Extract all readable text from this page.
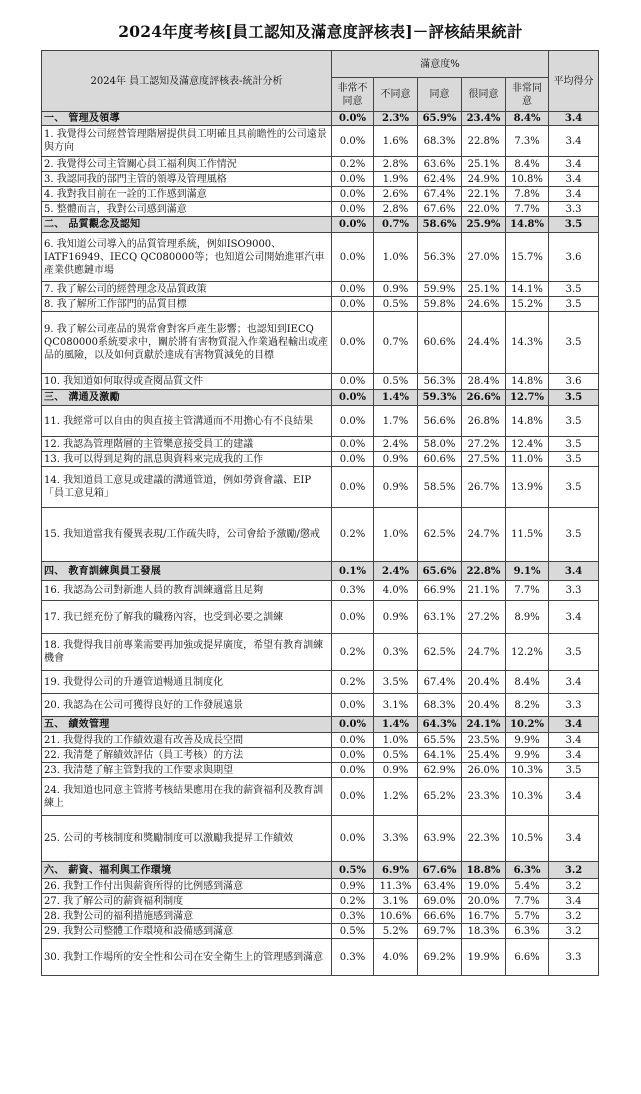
2024年度考核[員工認知及滿意度評核表]－評核結果統計
2024年 員工認知及滿意度評核表-統計分析	滿意度%					平均得分
	非常不同意	不同意	同意	很同意	非常同意	
一、 管理及領導	0.0%	2.3%	65.9%	23.4%	8.4%	3.4
1. 我覺得公司經營管理階層提供員工明確且具前瞻性的公司遠景與方向	0.0%	1.6%	68.3%	22.8%	7.3%	3.4
2. 我覺得公司主管關心員工福利與工作情況	0.2%	2.8%	63.6%	25.1%	8.4%	3.4
3. 我認同我的部門主管的領導及管理風格	0.0%	1.9%	62.4%	24.9%	10.8%	3.4
4. 我對我目前在一詮的工作感到滿意	0.0%	2.6%	67.4%	22.1%	7.8%	3.4
5. 整體而言，我對公司感到滿意	0.0%	2.8%	67.6%	22.0%	7.7%	3.3
二、 品質觀念及認知	0.0%	0.7%	58.6%	25.9%	14.8%	3.5
6. 我知道公司導入的品質管理系統，例如ISO9000、IATF16949、IECQ QC080000等；也知道公司開始進軍汽車產業供應鏈市場	0.0%	1.0%	56.3%	27.0%	15.7%	3.6
7. 我了解公司的經營理念及品質政策	0.0%	0.9%	59.9%	25.1%	14.1%	3.5
8. 我了解所工作部門的品質目標	0.0%	0.5%	59.8%	24.6%	15.2%	3.5
9. 我了解公司產品的異常會對客戶產生影響；也認知到IECQ QC080000系統要求中，關於將有害物質混入作業過程輸出或產品的風險，以及如何貢獻於達成有害物質減免的目標	0.0%	0.7%	60.6%	24.4%	14.3%	3.5
10. 我知道如何取得或查閱品質文件	0.0%	0.5%	56.3%	28.4%	14.8%	3.6
三、 溝通及激勵	0.0%	1.4%	59.3%	26.6%	12.7%	3.5
11. 我經常可以自由的與直接主管溝通而不用擔心有不良結果	0.0%	1.7%	56.6%	26.8%	14.8%	3.5
12. 我認為管理階層的主管樂意接受員工的建議	0.0%	2.4%	58.0%	27.2%	12.4%	3.5
13. 我可以得到足夠的訊息與資料來完成我的工作	0.0%	0.9%	60.6%	27.5%	11.0%	3.5
14. 我知道員工意見或建議的溝通管道，例如勞資會議、EIP「員工意見箱」	0.0%	0.9%	58.5%	26.7%	13.9%	3.5
15. 我知道當我有優異表現/工作疏失時，公司會給予激勵/懲戒	0.2%	1.0%	62.5%	24.7%	11.5%	3.5
四、 教育訓練與員工發展	0.1%	2.4%	65.6%	22.8%	9.1%	3.4
16. 我認為公司對新進人員的教育訓練適當且足夠	0.3%	4.0%	66.9%	21.1%	7.7%	3.3
17. 我已經充份了解我的職務內容，也受到必要之訓練	0.0%	0.9%	63.1%	27.2%	8.9%	3.4
18. 我覺得我目前專業需要再加強或提昇廣度，希望有教育訓練機會	0.2%	0.3%	62.5%	24.7%	12.2%	3.5
19. 我覺得公司的升遷管道暢通且制度化	0.2%	3.5%	67.4%	20.4%	8.4%	3.4
20. 我認為在公司可獲得良好的工作發展遠景	0.0%	3.1%	68.3%	20.4%	8.2%	3.3
五、 績效管理	0.0%	1.4%	64.3%	24.1%	10.2%	3.4
21. 我覺得我的工作績效還有改善及成長空間	0.0%	1.0%	65.5%	23.5%	9.9%	3.4
22. 我清楚了解績效評估（員工考核）的方法	0.0%	0.5%	64.1%	25.4%	9.9%	3.4
23. 我清楚了解主管對我的工作要求與期望	0.0%	0.9%	62.9%	26.0%	10.3%	3.5
24. 我知道也同意主管將考核結果應用在我的薪資福利及教育訓練上	0.0%	1.2%	65.2%	23.3%	10.3%	3.4
25. 公司的考核制度和獎勵制度可以激勵我提昇工作績效	0.0%	3.3%	63.9%	22.3%	10.5%	3.4
六、 薪資、福利與工作環境	0.5%	6.9%	67.6%	18.8%	6.3%	3.2
26. 我對工作付出與薪資所得的比例感到滿意	0.9%	11.3%	63.4%	19.0%	5.4%	3.2
27. 我了解公司的薪資福利制度	0.2%	3.1%	69.0%	20.0%	7.7%	3.4
28. 我對公司的福利措施感到滿意	0.3%	10.6%	66.6%	16.7%	5.7%	3.2
29. 我對公司整體工作環境和設備感到滿意	0.5%	5.2%	69.7%	18.3%	6.3%	3.2
30. 我對工作場所的安全性和公司在安全衛生上的管理感到滿意	0.3%	4.0%	69.2%	19.9%	6.6%	3.3
